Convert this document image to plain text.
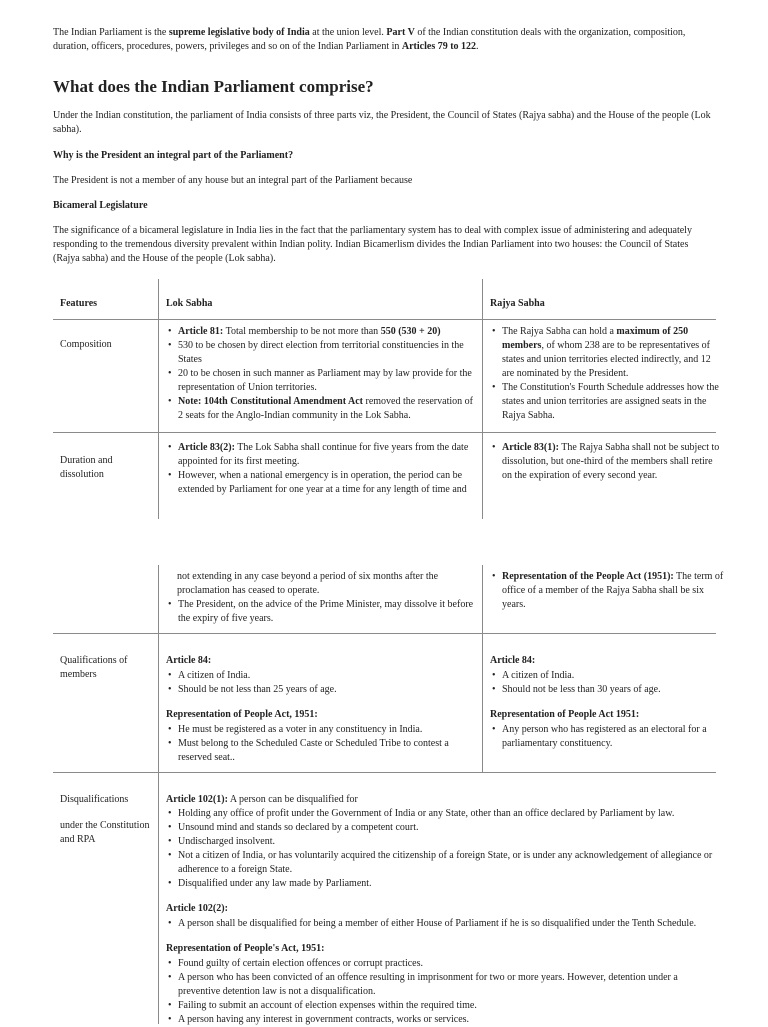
The Indian Parliament is the supreme legislative body of India at the union level. Part V of the Indian constitution deals with the organization, composition, duration, officers, procedures, powers, privileges and so on of the Indian Parliament in Articles 79 to 122.

What does the Indian Parliament comprise?

Under the Indian constitution, the parliament of India consists of three parts viz, the President, the Council of States (Rajya sabha) and the House of the people (Lok sabha).

Why is the President an integral part of the Parliament?

The President is not a member of any house but an integral part of the Parliament because

Bicameral Legislature

The significance of a bicameral legislature in India lies in the fact that the parliamentary system has to deal with complex issue of administering and adequately responding to the tremendous diversity prevalent within Indian polity. Indian Bicamerlism divides the Indian Parliament into two houses: the Council of States (Rajya sabha) and the House of the people (Lok sabha).

Features	Lok Sabha	Rajya Sabha
Composition
• Article 81: Total membership to be not more than 550 (530 + 20)
• 530 to be chosen by direct election from territorial constituencies in the States
• 20 to be chosen in such manner as Parliament may by law provide for the representation of Union territories.
• Note: 104th Constitutional Amendment Act removed the reservation of 2 seats for the Anglo-Indian community in the Lok Sabha.
• The Rajya Sabha can hold a maximum of 250 members, of whom 238 are to be representatives of states and union territories elected indirectly, and 12 are nominated by the President.
• The Constitution's Fourth Schedule addresses how the states and union territories are assigned seats in the Rajya Sabha.
Duration and dissolution
• Article 83(2): The Lok Sabha shall continue for five years from the date appointed for its first meeting.
• However, when a national emergency is in operation, the period can be extended by Parliament for one year at a time for any length of time and
• Article 83(1): The Rajya Sabha shall not be subject to dissolution, but one-third of the members shall retire on the expiration of every second year.
not extending in any case beyond a period of six months after the proclamation has ceased to operate.
• The President, on the advice of the Prime Minister, may dissolve it before the expiry of five years.
• Representation of the People Act (1951): The term of office of a member of the Rajya Sabha shall be six years.
Qualifications of members
Article 84:
• A citizen of India.
• Should be not less than 25 years of age.
Representation of People Act, 1951:
• He must be registered as a voter in any constituency in India.
• Must belong to the Scheduled Caste or Scheduled Tribe to contest a reserved seat..
Article 84:
• A citizen of India.
• Should not be less than 30 years of age.
Representation of People Act 1951:
• Any person who has registered as an electoral for a parliamentary constituency.
Disqualifications
under the Constitution and RPA
Article 102(1): A person can be disqualified for
• Holding any office of profit under the Government of India or any State, other than an office declared by Parliament by law.
• Unsound mind and stands so declared by a competent court.
• Undischarged insolvent.
• Not a citizen of India, or has voluntarily acquired the citizenship of a foreign State, or is under any acknowledgement of allegiance or adherence to a foreign State.
• Disqualified under any law made by Parliament.
Article 102(2):
• A person shall be disqualified for being a member of either House of Parliament if he is so disqualified under the Tenth Schedule.
Representation of People's Act, 1951:
• Found guilty of certain election offences or corrupt practices.
• A person who has been convicted of an offence resulting in imprisonment for two or more years. However, detention under a preventive detention law is not a disqualification.
• Failing to submit an account of election expenses within the required time.
• A person having any interest in government contracts, works or services.
